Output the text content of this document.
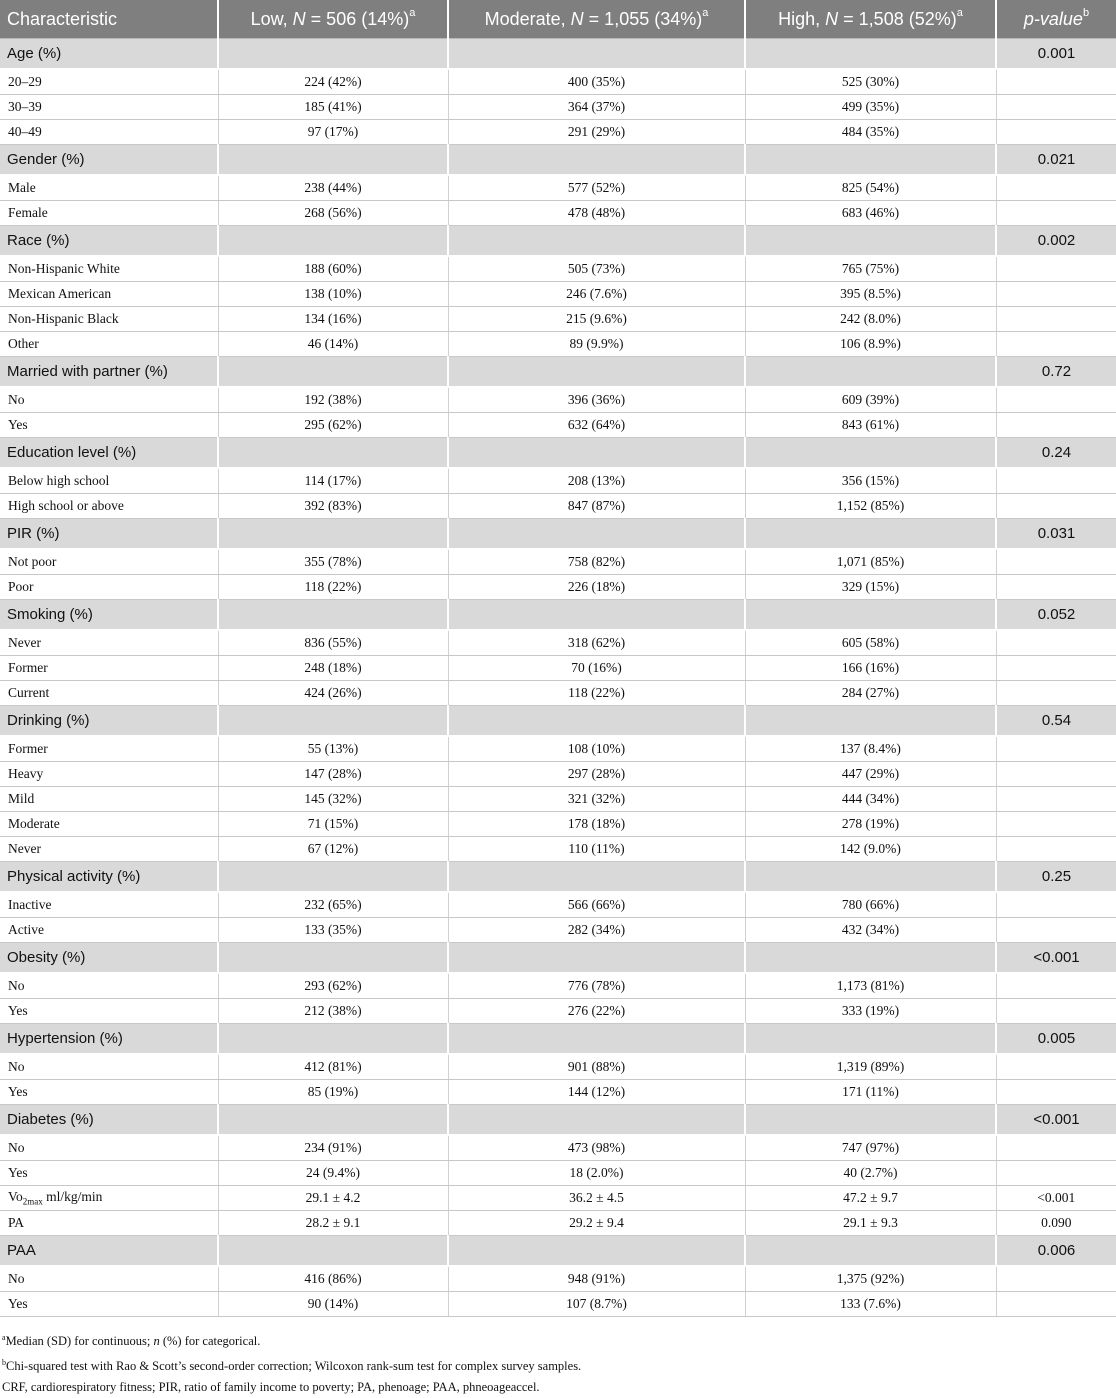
Characteristic	Low, N = 506 $(14\%)^a$	Moderate, N = 1,055 $(34\%)^a$	High, N = 1,508 $(52\%)^a$	p-value$^b$
Age (%)				0.001
20–29	224 (42%)	400 (35%)	525 (30%)	
30–39	185 (41%)	364 (37%)	499 (35%)	
40–49	97 (17%)	291 (29%)	484 (35%)	
Gender (%)				0.021
Male	238 (44%)	577 (52%)	825 (54%)	
Female	268 (56%)	478 (48%)	683 (46%)	
Race (%)				0.002
Non-Hispanic White	188 (60%)	505 (73%)	765 (75%)	
Mexican American	138 (10%)	246 (7.6%)	395 (8.5%)	
Non-Hispanic Black	134 (16%)	215 (9.6%)	242 (8.0%)	
Other	46 (14%)	89 (9.9%)	106 (8.9%)	
Married with partner (%)				0.72
No	192 (38%)	396 (36%)	609 (39%)	
Yes	295 (62%)	632 (64%)	843 (61%)	
Education level (%)				0.24
Below high school	114 (17%)	208 (13%)	356 (15%)	
High school or above	392 (83%)	847 (87%)	1,152 (85%)	
PIR (%)				0.031
Not poor	355 (78%)	758 (82%)	1,071 (85%)	
Poor	118 (22%)	226 (18%)	329 (15%)	
Smoking (%)				0.052
Never	836 (55%)	318 (62%)	605 (58%)	
Former	248 (18%)	70 (16%)	166 (16%)	
Current	424 (26%)	118 (22%)	284 (27%)	
Drinking (%)				0.54
Former	55 (13%)	108 (10%)	137 (8.4%)	
Heavy	147 (28%)	297 (28%)	447 (29%)	
Mild	145 (32%)	321 (32%)	444 (34%)	
Moderate	71 (15%)	178 (18%)	278 (19%)	
Never	67 (12%)	110 (11%)	142 (9.0%)	
Physical activity (%)				0.25
Inactive	232 (65%)	566 (66%)	780 (66%)	
Active	133 (35%)	282 (34%)	432 (34%)	
Obesity (%)				<0.001
No	293 (62%)	776 (78%)	1,173 (81%)	
Yes	212 (38%)	276 (22%)	333 (19%)	
Hypertension (%)				0.005
No	412 (81%)	901 (88%)	1,319 (89%)	
Yes	85 (19%)	144 (12%)	171 (11%)	
Diabetes (%)				<0.001
No	234 (91%)	473 (98%)	747 (97%)	
Yes	24 (9.4%)	18 (2.0%)	40 (2.7%)	
$Vo_{2max}$ ml/kg/min	29.1 ± 4.2	36.2 ± 4.5	47.2 ± 9.7	<0.001
PA	28.2 ± 9.1	29.2 ± 9.4	29.1 ± 9.3	0.090
PAA				0.006
No	416 (86%)	948 (91%)	1,375 (92%)	
Yes	90 (14%)	107 (8.7%)	133 (7.6%)	
$^a$Median (SD) for continuous; n (%) for categorical.
$^b$Chi-squared test with Rao & Scott’s second-order correction; Wilcoxon rank-sum test for complex survey samples.
CRF, cardiorespiratory fitness; PIR, ratio of family income to poverty; PA, phenoage; PAA, phneoageaccel.
